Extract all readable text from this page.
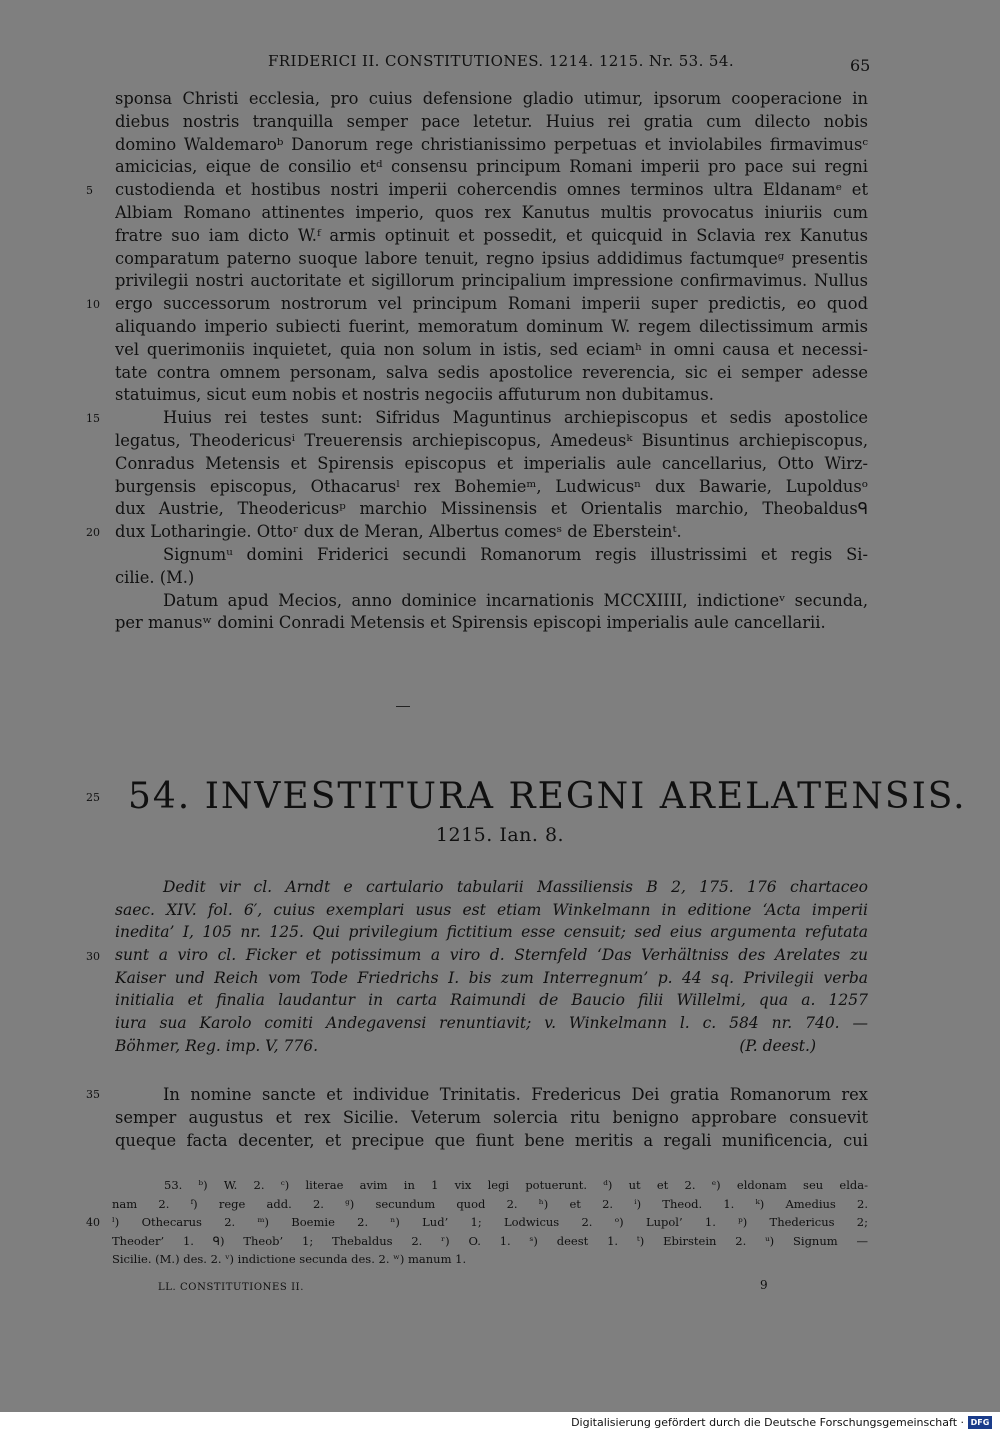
FRIDERICI II. CONSTITUTIONES. 1214. 1215. Nr. 53. 54.	65
sponsa Christi ecclesia, pro cuius defensione gladio utimur, ipsorum cooperacione in
diebus nostris tranquilla semper pace letetur. Huius rei gratia cum dilecto nobis
domino Waldemaroᵇ Danorum rege christianissimo perpetuas et inviolabiles firmavimusᶜ
amicicias, eique de consilio etᵈ consensu principum Romani imperii pro pace sui regni
custodienda et hostibus nostri imperii cohercendis omnes terminos ultra Eldanamᵉ et
Albiam Romano attinentes imperio, quos rex Kanutus multis provocatus iniuriis cum
fratre suo iam dicto W.ᶠ armis optinuit et possedit, et quicquid in Sclavia rex Kanutus
comparatum paterno suoque labore tenuit, regno ipsius addidimus factumqueᵍ presentis
privilegii nostri auctoritate et sigillorum principalium impressione confirmavimus. Nullus
ergo successorum nostrorum vel principum Romani imperii super predictis, eo quod
aliquando imperio subiecti fuerint, memoratum dominum W. regem dilectissimum armis
vel querimoniis inquietet, quia non solum in istis, sed eciamʰ in omni causa et necessi-
tate contra omnem personam, salva sedis apostolice reverencia, sic ei semper adesse
statuimus, sicut eum nobis et nostris negociis affuturum non dubitamus.
Huius rei testes sunt: Sifridus Maguntinus archiepiscopus et sedis apostolice
legatus, Theodericusⁱ Treuerensis archiepiscopus, Amedeusᵏ Bisuntinus archiepiscopus,
Conradus Metensis et Spirensis episcopus et imperialis aule cancellarius, Otto Wirz-
burgensis episcopus, Othacarusˡ rex Bohemieᵐ, Ludwicusⁿ dux Bawarie, Lupoldusᵒ
dux Austrie, Theodericusᵖ marchio Missinensis et Orientalis marchio, Theobaldusᑫ
dux Lotharingie. Ottoʳ dux de Meran, Albertus comesˢ de Ebersteinᵗ.
Signumᵘ domini Friderici secundi Romanorum regis illustrissimi et regis Si-
cilie. (M.)
Datum apud Mecios, anno dominice incarnationis MCCXIIII, indictioneᵛ secunda,
per manusʷ domini Conradi Metensis et Spirensis episcopi imperialis aule cancellarii.
5
10
15
20
25 54. INVESTITURA REGNI ARELATENSIS.
1215. Ian. 8.
Dedit vir cl. Arndt e cartulario tabularii Massiliensis B 2, 175. 176 chartaceo
saec. XIV. fol. 6′, cuius exemplari usus est etiam Winkelmann in editione ‘Acta imperii
inedita’ I, 105 nr. 125. Qui privilegium fictitium esse censuit; sed eius argumenta refutata
sunt a viro cl. Ficker et potissimum a viro d. Sternfeld ‘Das Verhältniss des Arelates zu
Kaiser und Reich vom Tode Friedrichs I. bis zum Interregnum’ p. 44 sq. Privilegii verba
initialia et finalia laudantur in carta Raimundi de Baucio filii Willelmi, qua a. 1257
iura sua Karolo comiti Andegavensi renuntiavit; v. Winkelmann l. c. 584 nr. 740. —
Böhmer, Reg. imp. V, 776.	(P. deest.)
30
In nomine sancte et individue Trinitatis. Fredericus Dei gratia Romanorum rex
semper augustus et rex Sicilie. Veterum solercia ritu benigno approbare consuevit
queque facta decenter, et precipue que fiunt bene meritis a regali munificencia, cui
35
53. ᵇ) W. 2. ᶜ) literae avim in 1 vix legi potuerunt. ᵈ) ut et 2. ᵉ) eldonam seu elda-
nam 2. ᶠ) rege add. 2. ᵍ) secundum quod 2. ʰ) et 2. ⁱ) Theod. 1. ᵏ) Amedius 2.
ˡ) Othecarus 2. ᵐ) Boemie 2. ⁿ) Lud’ 1; Lodwicus 2. ᵒ) Lupol’ 1. ᵖ) Thedericus 2;
Theoder’ 1. ᑫ) Theob’ 1; Thebaldus 2. ʳ) O. 1. ˢ) deest 1. ᵗ) Ebirstein 2. ᵘ) Signum —
Sicilie. (M.) des. 2. ᵛ) indictione secunda des. 2. ʷ) manum 1.
40
LL. CONSTITUTIONES II.	9
Digitalisierung gefördert durch die Deutsche Forschungsgemeinschaft · DFG
